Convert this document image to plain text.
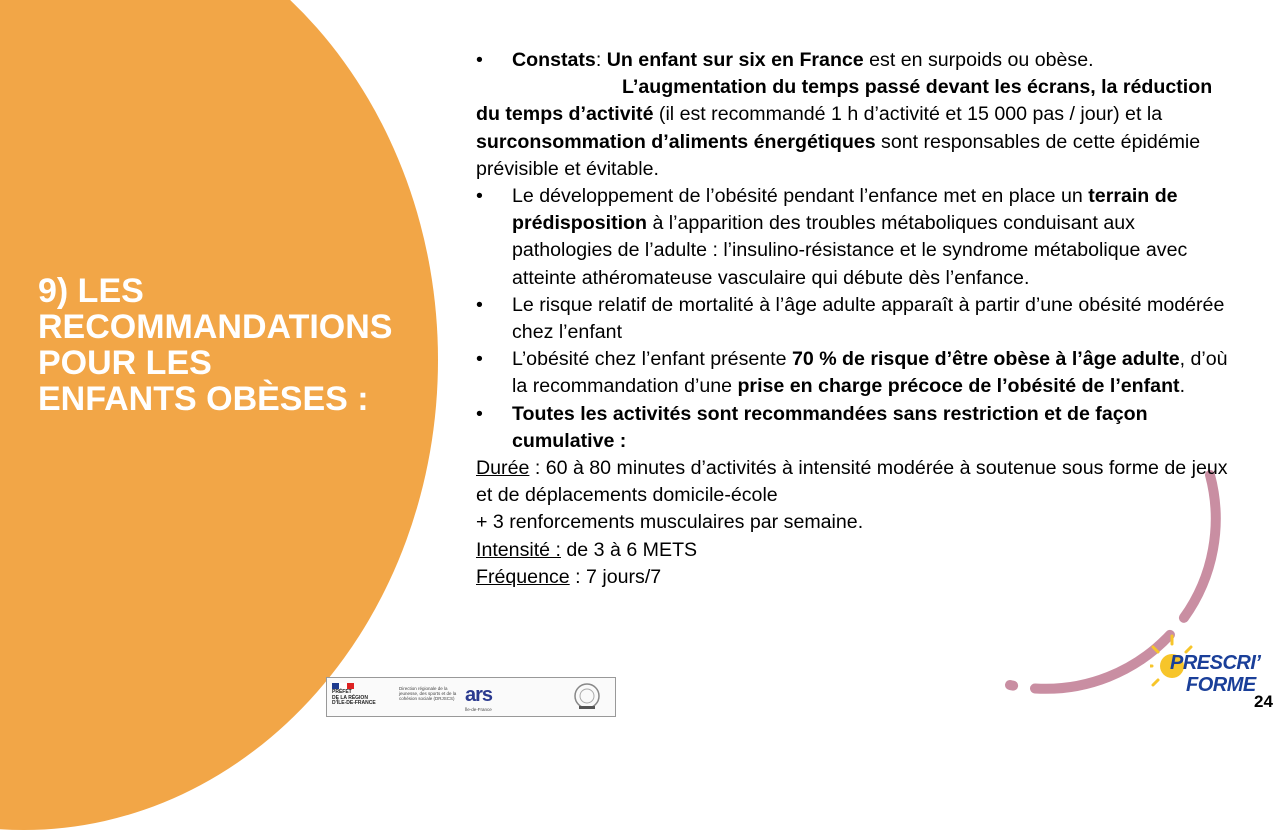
9) LES
RECOMMANDATIONS
POUR LES
ENFANTS OBÈSES :

• Constats: Un enfant sur six en France est en surpoids ou obèse.

L’augmentation du temps passé devant les écrans, la réduction du temps d’activité (il est recommandé 1 h d’activité et 15 000 pas / jour) et la surconsommation d’aliments énergétiques sont responsables de cette épidémie prévisible et évitable.

• Le développement de l’obésité pendant l’enfance met en place un terrain de prédisposition à l’apparition des troubles métaboliques conduisant aux pathologies de l’adulte : l’insulino-résistance et le syndrome métabolique avec atteinte athéromateuse vasculaire qui débute dès l’enfance.

• Le risque relatif de mortalité à l’âge adulte apparaît à partir d’une obésité modérée chez l’enfant

• L’obésité chez l’enfant présente 70 % de risque d’être obèse à l’âge adulte, d’où la recommandation d’une prise en charge précoce de l’obésité de l’enfant.

• Toutes les activités sont recommandées sans restriction et de façon cumulative :

Durée : 60 à 80 minutes d’activités à intensité modérée à soutenue sous forme de jeux et de déplacements domicile-école

+ 3 renforcements musculaires par semaine.

Intensité : de 3 à 6 METS

Fréquence : 7 jours/7

PRÉFET
DE LA RÉGION
D'ÎLE-DE-FRANCE
Direction régionale de la jeunesse, des sports et de la cohésion sociale (DRJSCS) ars
Île-de-France
PRESCRI’
FORME
24
